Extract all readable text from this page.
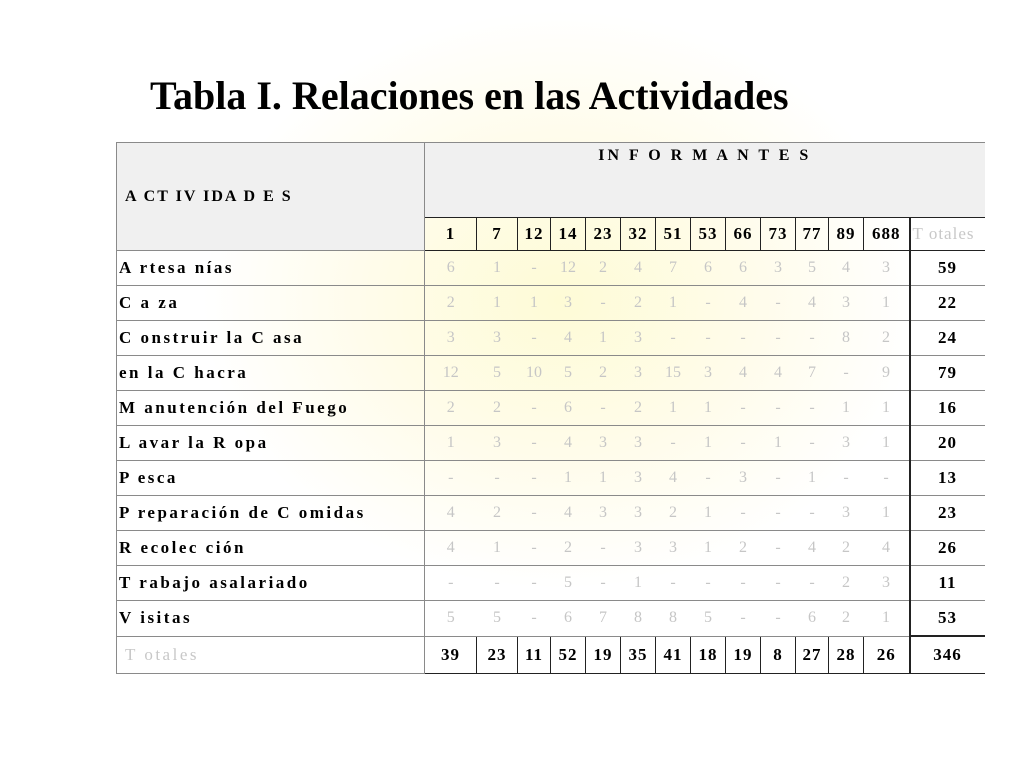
Tabla I. Relaciones en las Actividades
A CT IV IDA D E S	IN F O R M A N T E S													
	1	7	12	14	23	32	51	53	66	73	77	89	688	T otales
A rtesa nías	6	1	-	12	2	4	7	6	6	3	5	4	3	59
C a za	2	1	1	3	-	2	1	-	4	-	4	3	1	22
C onstruir la C asa	3	3	-	4	1	3	-	-	-	-	-	8	2	24
en la C hacra	12	5	10	5	2	3	15	3	4	4	7	-	9	79
M anutención del Fuego	2	2	-	6	-	2	1	1	-	-	-	1	1	16
L avar la R opa	1	3	-	4	3	3	-	1	-	1	-	3	1	20
P esca	-	-	-	1	1	3	4	-	3	-	1	-	-	13
P reparación de C omidas	4	2	-	4	3	3	2	1	-	-	-	3	1	23
R ecolec ción	4	1	-	2	-	3	3	1	2	-	4	2	4	26
T rabajo asalariado	-	-	-	5	-	1	-	-	-	-	-	2	3	11
V isitas	5	5	-	6	7	8	8	5	-	-	6	2	1	53
T otales	39	23	11	52	19	35	41	18	19	8	27	28	26	346
